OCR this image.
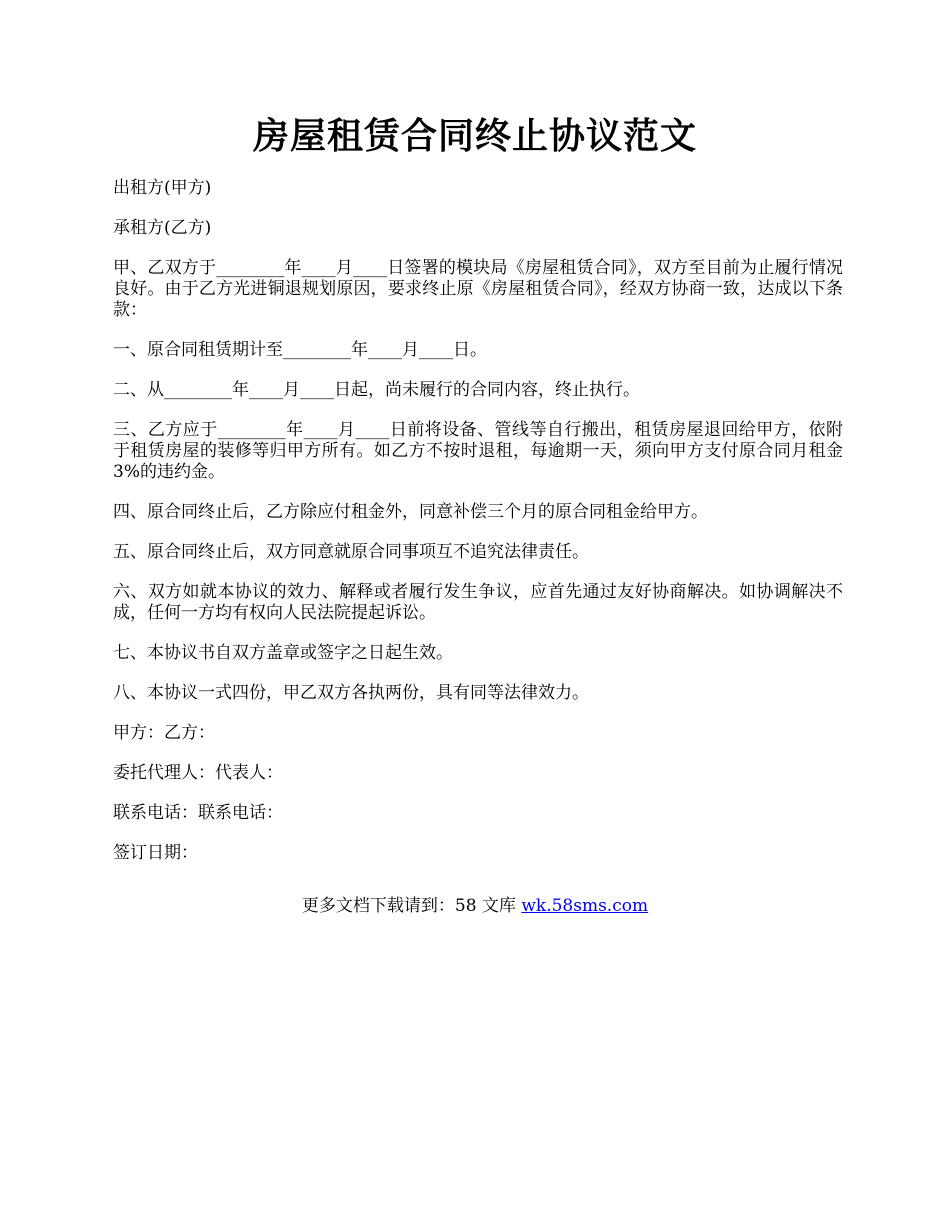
房屋租赁合同终止协议范文

出租方(甲方)

承租方(乙方)

甲、乙双方于________年____月____日签署的模块局《房屋租赁合同》，双方至目前为止履行情况良好。由于乙方光进铜退规划原因，要求终止原《房屋租赁合同》，经双方协商一致，达成以下条款：

一、原合同租赁期计至________年____月____日。

二、从________年____月____日起，尚未履行的合同内容，终止执行。

三、乙方应于________年____月____日前将设备、管线等自行搬出，租赁房屋退回给甲方，依附于租赁房屋的装修等归甲方所有。如乙方不按时退租，每逾期一天，须向甲方支付原合同月租金3%的违约金。

四、原合同终止后，乙方除应付租金外，同意补偿三个月的原合同租金给甲方。

五、原合同终止后，双方同意就原合同事项互不追究法律责任。

六、双方如就本协议的效力、解释或者履行发生争议，应首先通过友好协商解决。如协调解决不成，任何一方均有权向人民法院提起诉讼。

七、本协议书自双方盖章或签字之日起生效。

八、本协议一式四份，甲乙双方各执两份，具有同等法律效力。

甲方：乙方：

委托代理人：代表人：

联系电话：联系电话：

签订日期：

更多文档下载请到：58 文库 wk.58sms.com
